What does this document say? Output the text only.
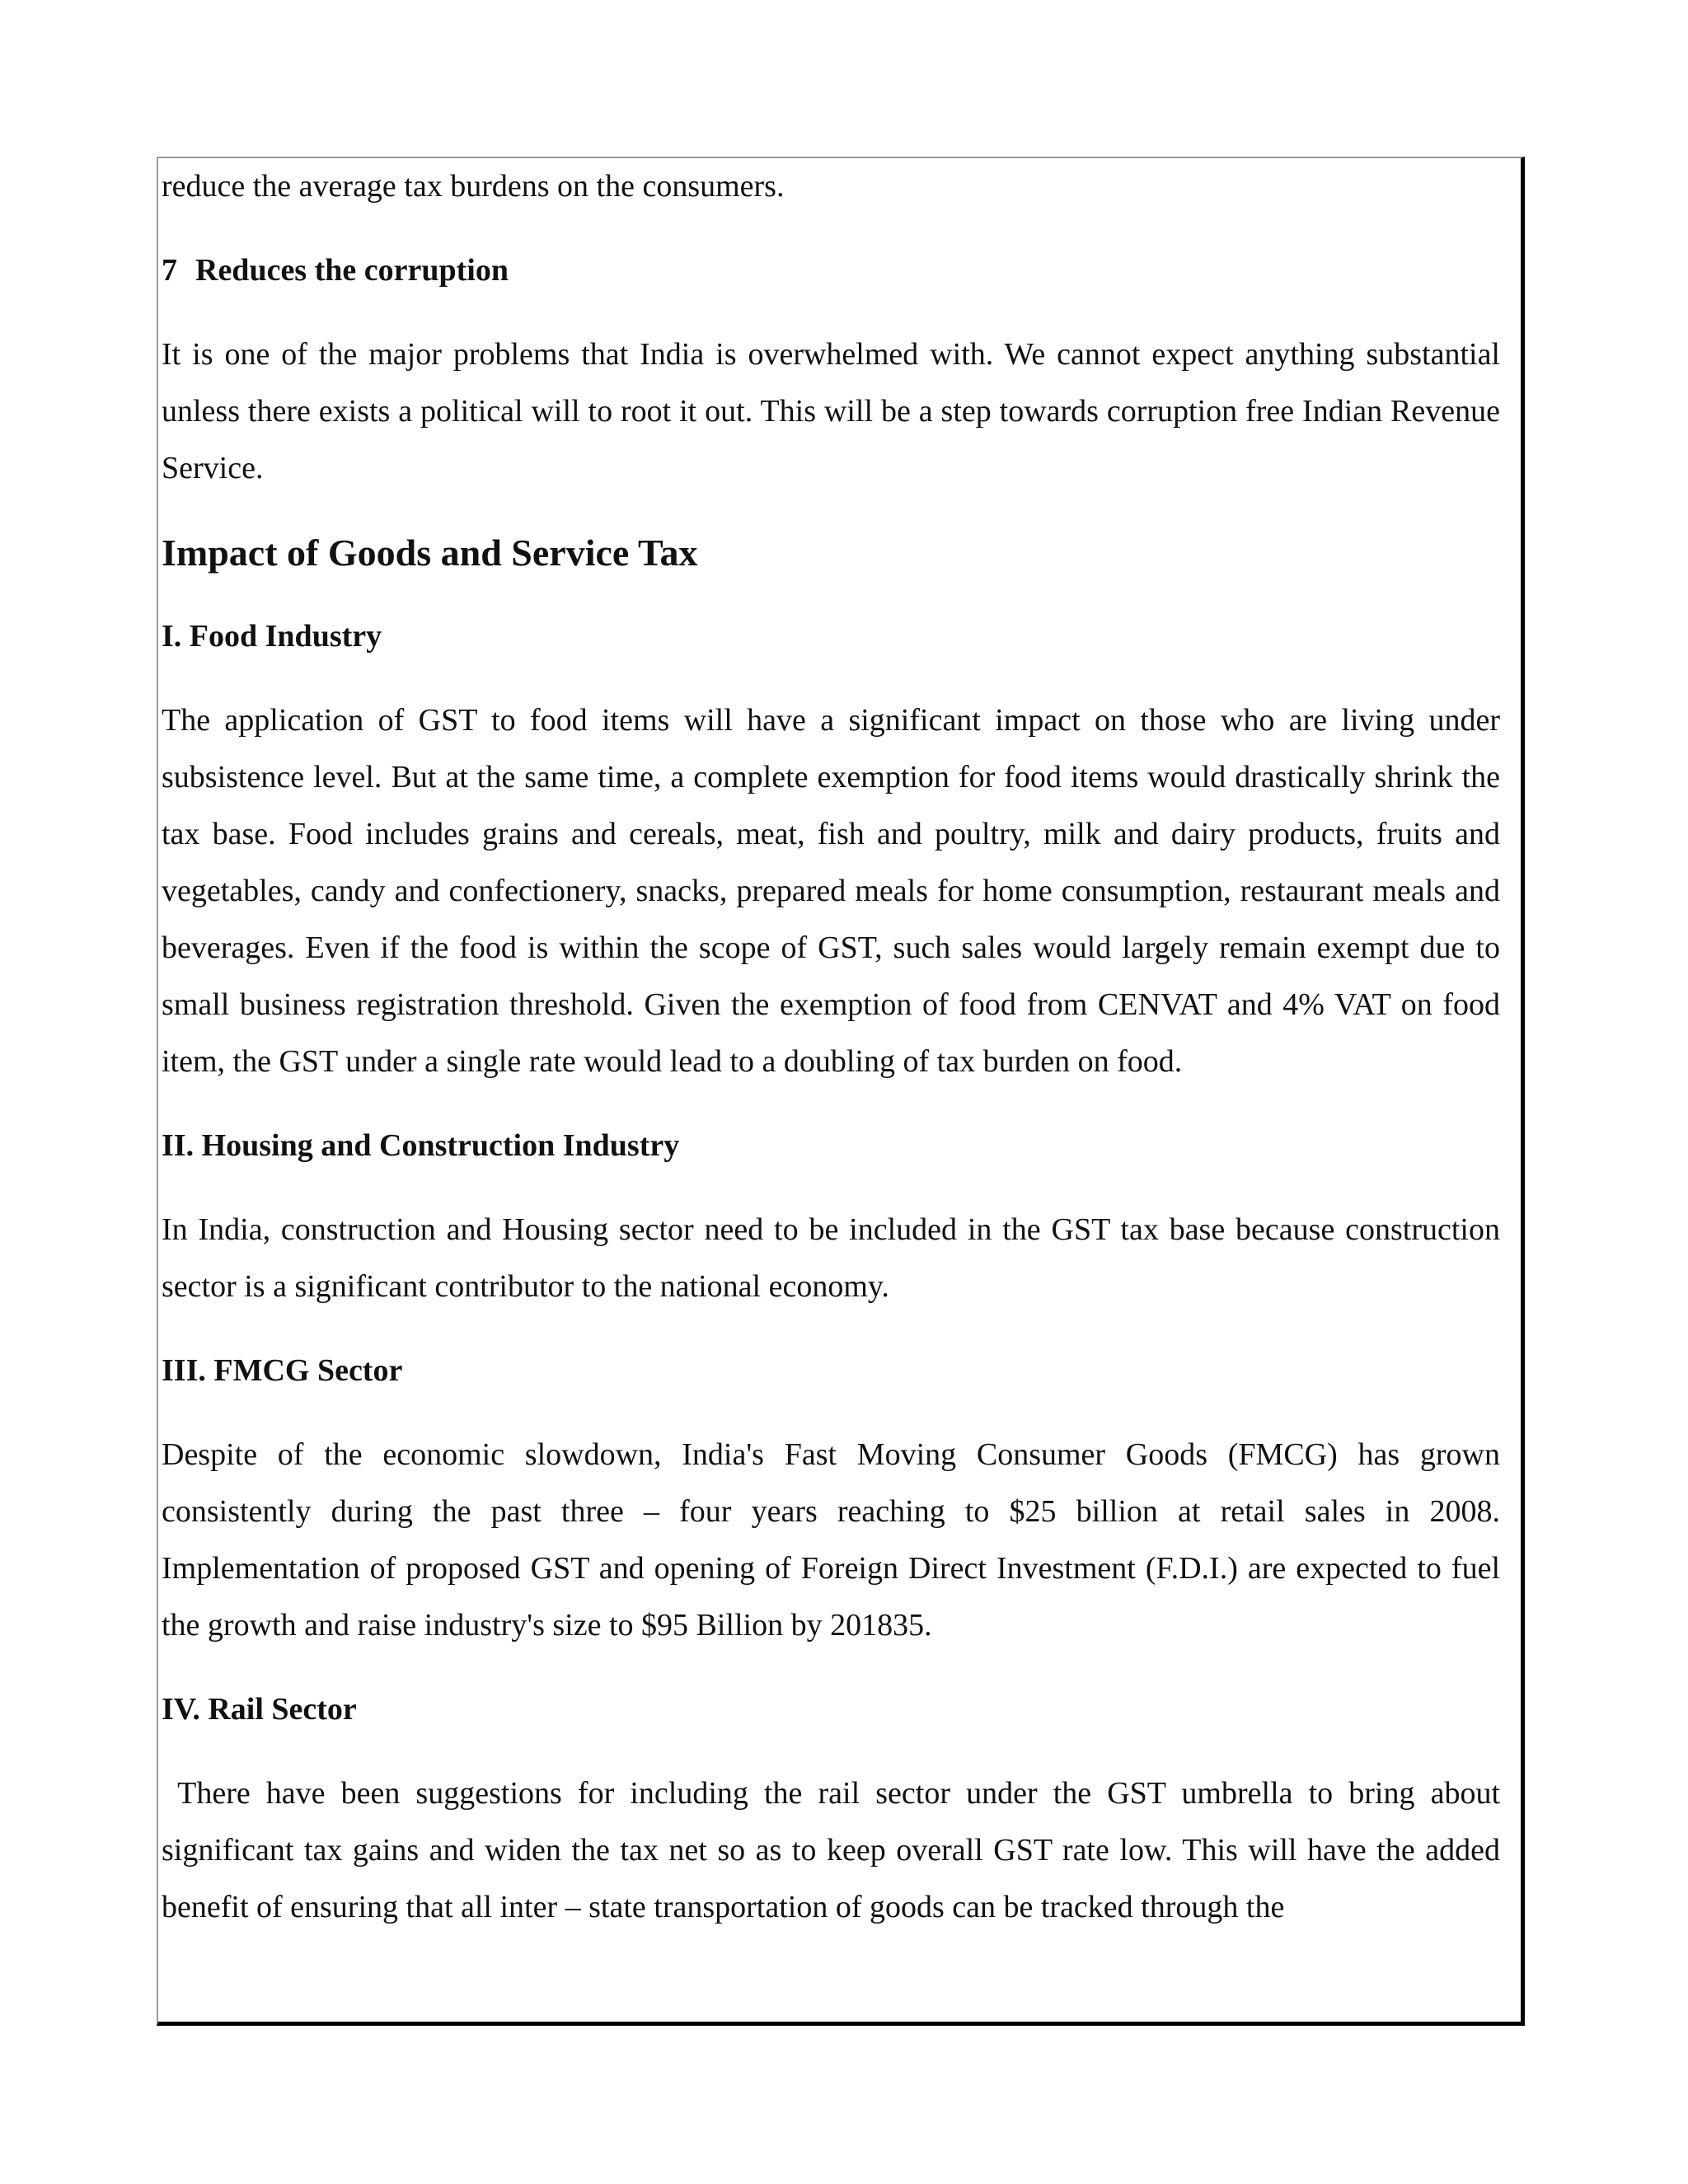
reduce the average tax burdens on the consumers.

7 Reduces the corruption

It is one of the major problems that India is overwhelmed with. We cannot expect anything substantial unless there exists a political will to root it out. This will be a step towards corruption free Indian Revenue Service.

Impact of Goods and Service Tax
I. Food Industry

The application of GST to food items will have a significant impact on those who are living under subsistence level. But at the same time, a complete exemption for food items would drastically shrink the tax base. Food includes grains and cereals, meat, fish and poultry, milk and dairy products, fruits and vegetables, candy and confectionery, snacks, prepared meals for home consumption, restaurant meals and beverages. Even if the food is within the scope of GST, such sales would largely remain exempt due to small business registration threshold. Given the exemption of food from CENVAT and 4% VAT on food item, the GST under a single rate would lead to a doubling of tax burden on food.

II. Housing and Construction Industry

In India, construction and Housing sector need to be included in the GST tax base because construction sector is a significant contributor to the national economy.

III. FMCG Sector

Despite of the economic slowdown, India's Fast Moving Consumer Goods (FMCG) has grown consistently during the past three – four years reaching to $25 billion at retail sales in 2008. Implementation of proposed GST and opening of Foreign Direct Investment (F.D.I.) are expected to fuel the growth and raise industry's size to $95 Billion by 201835.

IV. Rail Sector

There have been suggestions for including the rail sector under the GST umbrella to bring about significant tax gains and widen the tax net so as to keep overall GST rate low. This will have the added benefit of ensuring that all inter – state transportation of goods can be tracked through the
